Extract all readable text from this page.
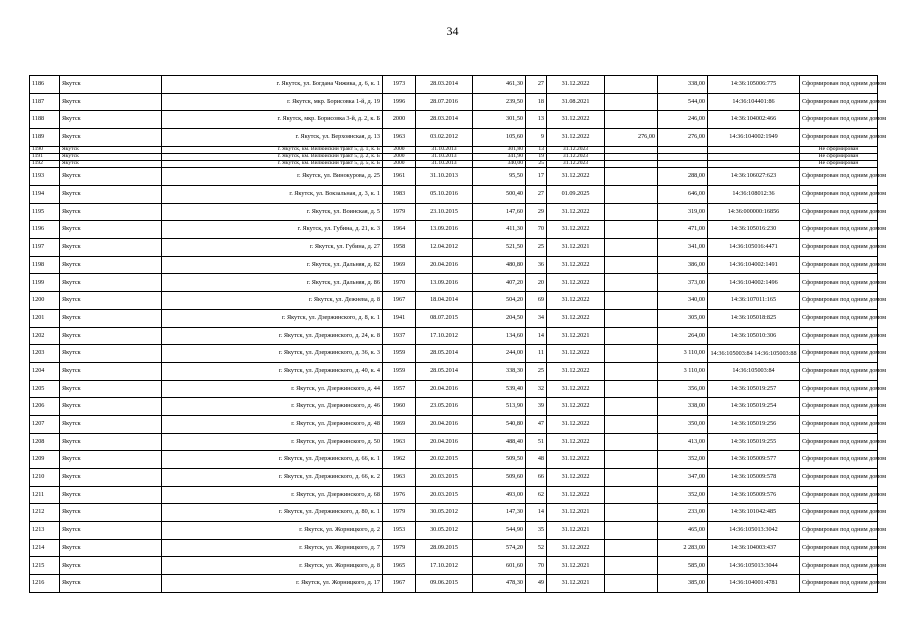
34
1186	Якутск	г. Якутск, ул. Богдана Чижика, д. 6, к. 1	1973	28.03.2014	461,30	27	31.12.2022		338,00	14:36:105006:775	Сформирован под одним домом
1187	Якутск	г. Якутск, мкр. Борисовка 1-й, д. 19	1996	28.07.2016	239,50	18	31.08.2021		544,00	14:36:104401:86	Сформирован под одним домом
1188	Якутск	г. Якутск, мкр. Борисовка 3-й, д. 2, к. Б	2000	28.03.2014	301,50	13	31.12.2022		246,00	14:36:104002:466	Сформирован под одним домом
1189	Якутск	г. Якутск, ул. Верхоянская, д. 13	1963	03.02.2012	105,60	9	31.12.2022	276,00	276,00	14:36:104002:1949	Сформирован под одним домом
1190	Якутск	г. Якутск, км. Вилюйский тракт 5, д. 1, к. Б	2000	31.10.2013	301,80	13	31.12.2023				Не сформирован
1191	Якутск	г. Якутск, км. Вилюйский тракт 5, д. 2, к. Б	2000	31.10.2013	341,90	19	31.12.2023				Не сформирован
1192	Якутск	г. Якутск, км. Вилюйский тракт 5, д. 5, к. Б	2000	31.10.2013	340,00	25	31.12.2023				Не сформирован
1193	Якутск	г. Якутск, ул. Винокурова, д. 25	1961	31.10.2013	95,50	17	31.12.2022		288,00	14:36:106027:623	Сформирован под одним домом
1194	Якутск	г. Якутск, ул. Вокзальная, д. 3, к. 1	1983	05.10.2016	500,40	27	01.09.2025		646,00	14:36:108012:36	Сформирован под одним домом
1195	Якутск	г. Якутск, ул. Воинская, д. 5	1979	23.10.2015	147,60	29	31.12.2022		319,00	14:36:000000:16856	Сформирован под одним домом
1196	Якутск	г. Якутск, ул. Губина, д. 21, к. 3	1964	13.09.2016	411,30	70	31.12.2022		471,00	14:36:105016:230	Сформирован под одним домом
1197	Якутск	г. Якутск, ул. Губина, д. 27	1958	12.04.2012	521,50	25	31.12.2021		341,00	14:36:105016:4471	Сформирован под одним домом
1198	Якутск	г. Якутск, ул. Дальняя, д. 82	1969	20.04.2016	480,80	36	31.12.2022		386,00	14:36:104002:1491	Сформирован под одним домом
1199	Якутск	г. Якутск, ул. Дальняя, д. 86	1970	13.09.2016	407,20	20	31.12.2022		373,00	14:36:104002:1496	Сформирован под одним домом
1200	Якутск	г. Якутск, ул. Дежнева, д. 8	1967	18.04.2014	504,20	69	31.12.2022		340,00	14:36:107011:165	Сформирован под одним домом
1201	Якутск	г. Якутск, ул. Дзержинского, д. 8, к. 1	1941	08.07.2015	204,50	34	31.12.2022		305,00	14:36:105018:825	Сформирован под одним домом
1202	Якутск	г. Якутск, ул. Дзержинского, д. 24, к. 8	1937	17.10.2012	134,60	14	31.12.2021		264,00	14:36:105010:306	Сформирован под одним домом
1203	Якутск	г. Якутск, ул. Дзержинского, д. 36, к. 3	1959	28.05.2014	244,00	11	31.12.2022		3 110,00	14:36:105003:84 14:36:105003:88	Сформирован под одним домом
1204	Якутск	г. Якутск, ул. Дзержинского, д. 40, к. 4	1959	28.05.2014	338,30	25	31.12.2022		3 110,00	14:36:105003:84	Сформирован под одним домом
1205	Якутск	г. Якутск, ул. Дзержинского, д. 44	1957	20.04.2016	539,40	32	31.12.2022		356,00	14:36:105019:257	Сформирован под одним домом
1206	Якутск	г. Якутск, ул. Дзержинского, д. 46	1960	23.05.2016	513,90	39	31.12.2022		338,00	14:36:105019:254	Сформирован под одним домом
1207	Якутск	г. Якутск, ул. Дзержинского, д. 48	1969	20.04.2016	540,80	47	31.12.2022		350,00	14:36:105019:256	Сформирован под одним домом
1208	Якутск	г. Якутск, ул. Дзержинского, д. 50	1963	20.04.2016	488,40	51	31.12.2022		413,00	14:36:105019:255	Сформирован под одним домом
1209	Якутск	г. Якутск, ул. Дзержинского, д. 66, к. 1	1962	20.02.2015	509,50	48	31.12.2022		352,00	14:36:105009:577	Сформирован под одним домом
1210	Якутск	г. Якутск, ул. Дзержинского, д. 66, к. 2	1963	20.03.2015	509,60	66	31.12.2022		347,00	14:36:105009:578	Сформирован под одним домом
1211	Якутск	г. Якутск, ул. Дзержинского, д. 68	1976	20.03.2015	493,00	62	31.12.2022		352,00	14:36:105009:576	Сформирован под одним домом
1212	Якутск	г. Якутск, ул. Дзержинского, д. 80, к. 1	1979	30.05.2012	147,30	14	31.12.2021		233,00	14:36:101042:485	Сформирован под одним домом
1213	Якутск	г. Якутск, ул. Жорницкого, д. 2	1953	30.05.2012	544,90	35	31.12.2021		465,00	14:36:105013:3042	Сформирован под одним домом
1214	Якутск	г. Якутск, ул. Жорницкого, д. 7	1979	28.09.2015	574,20	52	31.12.2022		2 283,00	14:36:104003:437	Сформирован под одним домом
1215	Якутск	г. Якутск, ул. Жорницкого, д. 8	1965	17.10.2012	601,60	70	31.12.2021		585,00	14:36:105013:3044	Сформирован под одним домом
1216	Якутск	г. Якутск, ул. Жорницкого, д. 17	1967	09.06.2015	478,30	49	31.12.2021		385,00	14:36:104001:4781	Сформирован под одним домом
